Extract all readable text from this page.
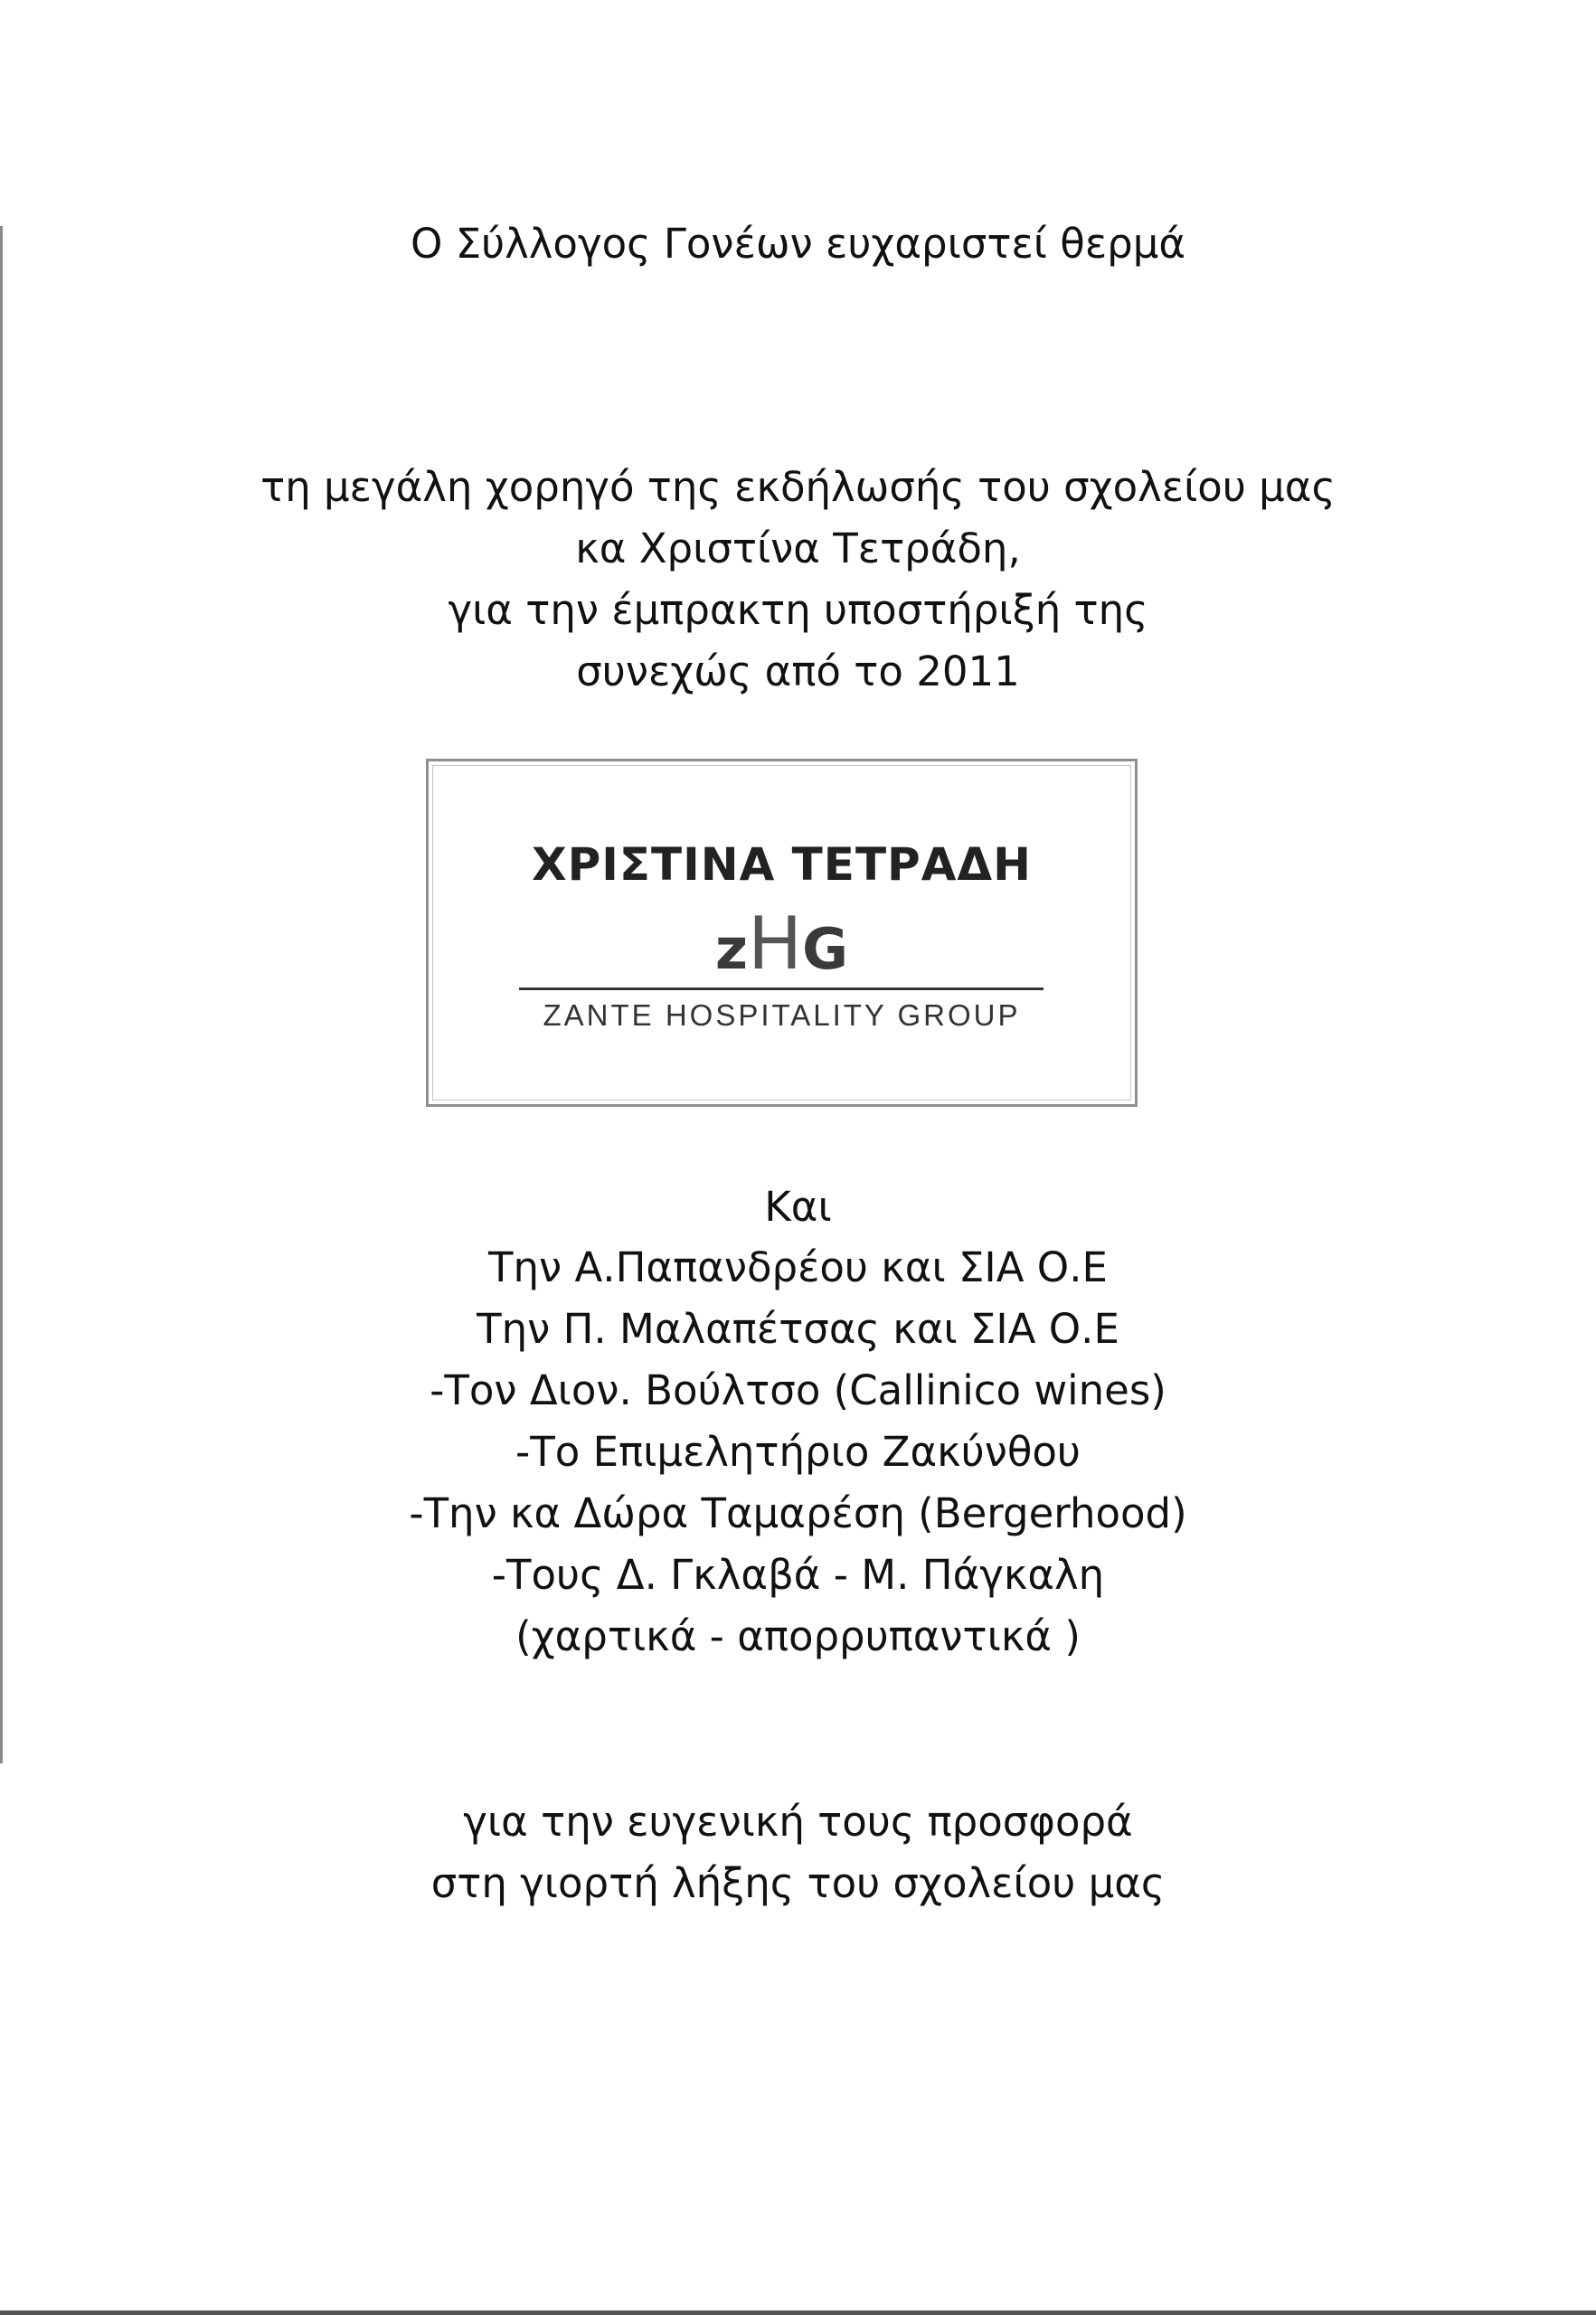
Ο Σύλλογος Γονέων ευχαριστεί θερμά
τη μεγάλη χορηγό της εκδήλωσής του σχολείου μας
κα Χριστίνα Τετράδη,
για την έμπρακτη υποστήριξή της
συνεχώς από το 2011
ΧΡΙΣΤΙΝΑ ΤΕΤΡΑΔΗ
zHG
ZANTE HOSPITALITY GROUP
Και
Την Α.Παπανδρέου και ΣΙΑ Ο.Ε
Την Π. Μαλαπέτσας και ΣΙΑ Ο.Ε
-Τον Διον. Βούλτσο (Callinico wines)
-Το Επιμελητήριο Ζακύνθου
-Την κα Δώρα Ταμαρέση (Bergerhood)
-Τους Δ. Γκλαβά - Μ. Πάγκαλη
(χαρτικά - απορρυπαντικά )
για την ευγενική τους προσφορά
στη γιορτή λήξης του σχολείου μας
